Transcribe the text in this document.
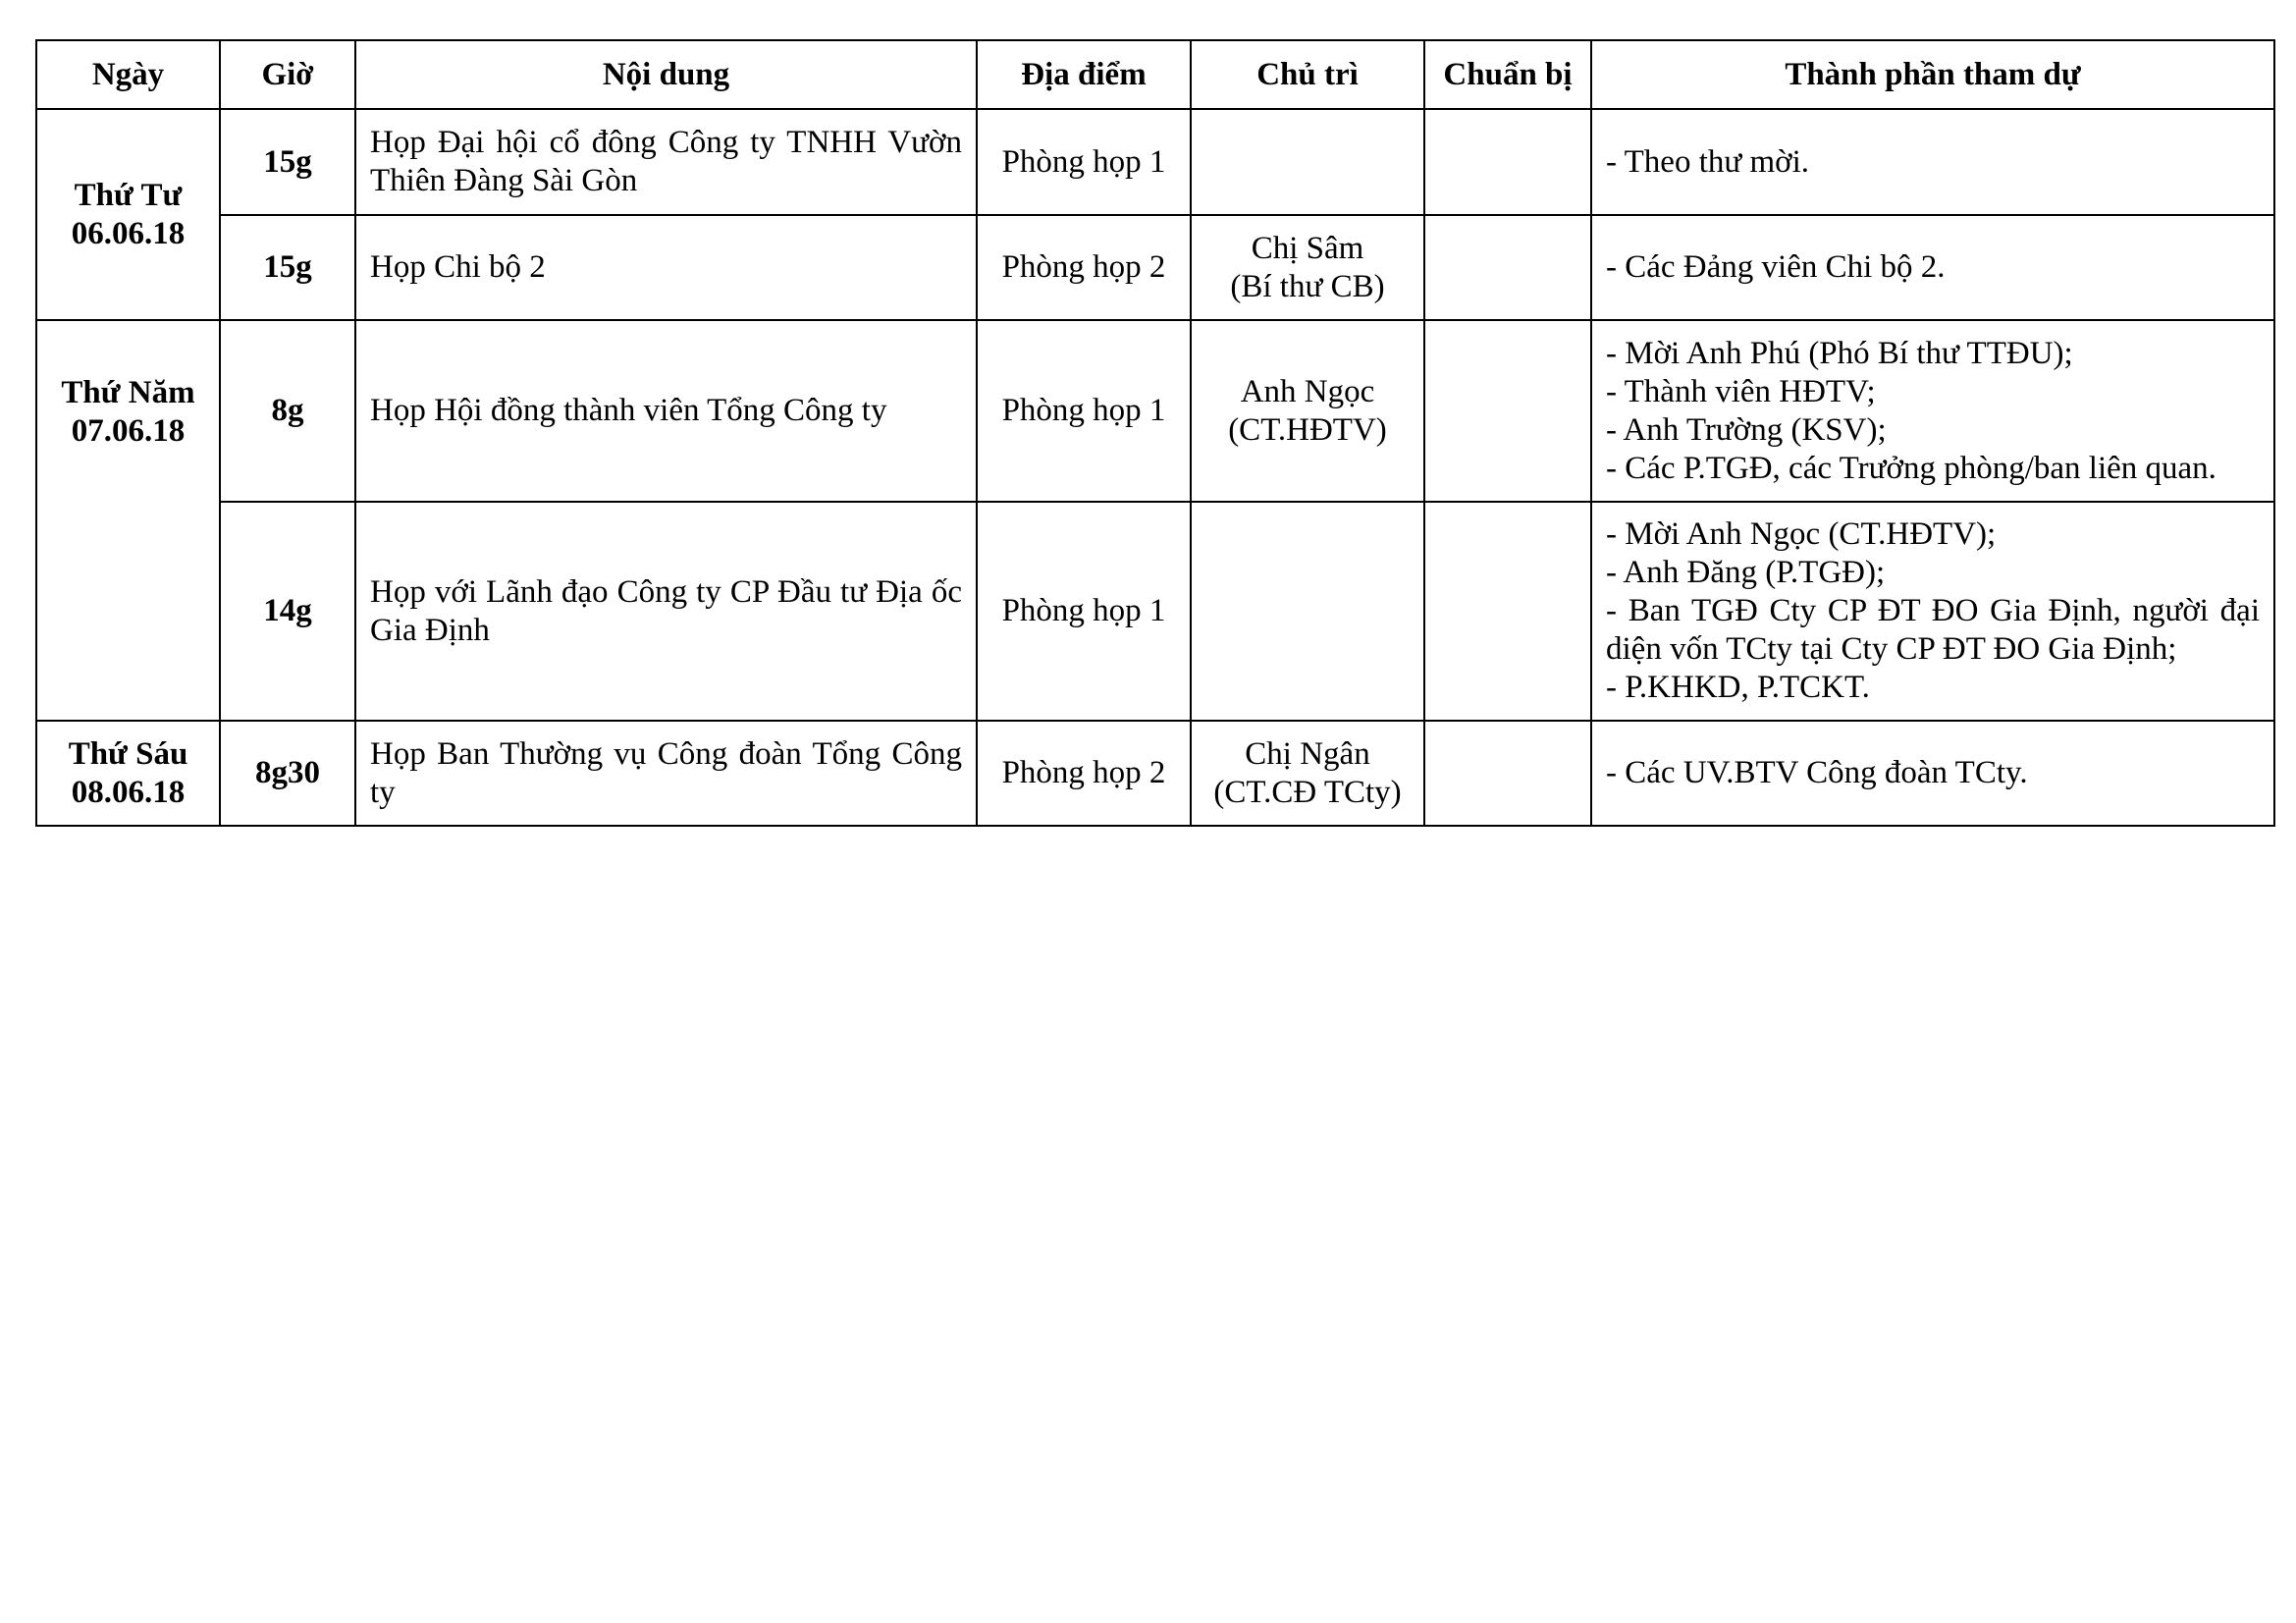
Ngày	Giờ	Nội dung	Địa điểm	Chủ trì	Chuẩn bị	Thành phần tham dự

Thứ Tư
06.06.18	15g	Họp Đại hội cổ đông Công ty TNHH Vườn Thiên Đàng Sài Gòn	Phòng họp 1			- Theo thư mời.

	15g	Họp Chi bộ 2	Phòng họp 2	Chị Sâm
(Bí thư CB)		- Các Đảng viên Chi bộ 2.

Thứ Năm
07.06.18	8g	Họp Hội đồng thành viên Tổng Công ty	Phòng họp 1	Anh Ngọc
(CT.HĐTV)		- Mời Anh Phú (Phó Bí thư TTĐU);
- Thành viên HĐTV;
- Anh Trường (KSV);
- Các P.TGĐ, các Trưởng phòng/ban liên quan.

	14g	Họp với Lãnh đạo Công ty CP Đầu tư Địa ốc Gia Định	Phòng họp 1			- Mời Anh Ngọc (CT.HĐTV);
- Anh Đăng (P.TGĐ);
- Ban TGĐ Cty CP ĐT ĐO Gia Định, người đại diện vốn TCty tại Cty CP ĐT ĐO Gia Định;
- P.KHKD, P.TCKT.

Thứ Sáu
08.06.18	8g30	Họp Ban Thường vụ Công đoàn Tổng Công ty	Phòng họp 2	Chị Ngân
(CT.CĐ TCty)		- Các UV.BTV Công đoàn TCty.
